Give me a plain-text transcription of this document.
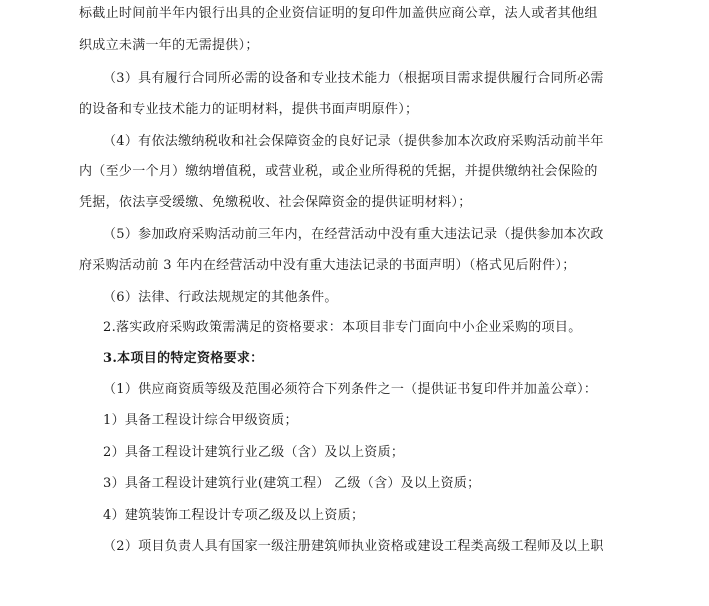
标截止时间前半年内银行出具的企业资信证明的复印件加盖供应商公章，法人或者其他组
织成立未满一年的无需提供）；
（3）具有履行合同所必需的设备和专业技术能力（根据项目需求提供履行合同所必需
的设备和专业技术能力的证明材料，提供书面声明原件）；
（4）有依法缴纳税收和社会保障资金的良好记录（提供参加本次政府采购活动前半年
内（至少一个月）缴纳增值税，或营业税，或企业所得税的凭据，并提供缴纳社会保险的
凭据，依法享受缓缴、免缴税收、社会保障资金的提供证明材料）；
（5）参加政府采购活动前三年内，在经营活动中没有重大违法记录（提供参加本次政
府采购活动前 3 年内在经营活动中没有重大违法记录的书面声明）（格式见后附件）；
（6）法律、行政法规规定的其他条件。
2.落实政府采购政策需满足的资格要求：本项目非专门面向中小企业采购的项目。
3.本项目的特定资格要求：
（1）供应商资质等级及范围必须符合下列条件之一（提供证书复印件并加盖公章）：
1）具备工程设计综合甲级资质；
2）具备工程设计建筑行业乙级（含）及以上资质；
3）具备工程设计建筑行业(建筑工程） 乙级（含）及以上资质；
4）建筑装饰工程设计专项乙级及以上资质；
（2）项目负责人具有国家一级注册建筑师执业资格或建设工程类高级工程师及以上职
